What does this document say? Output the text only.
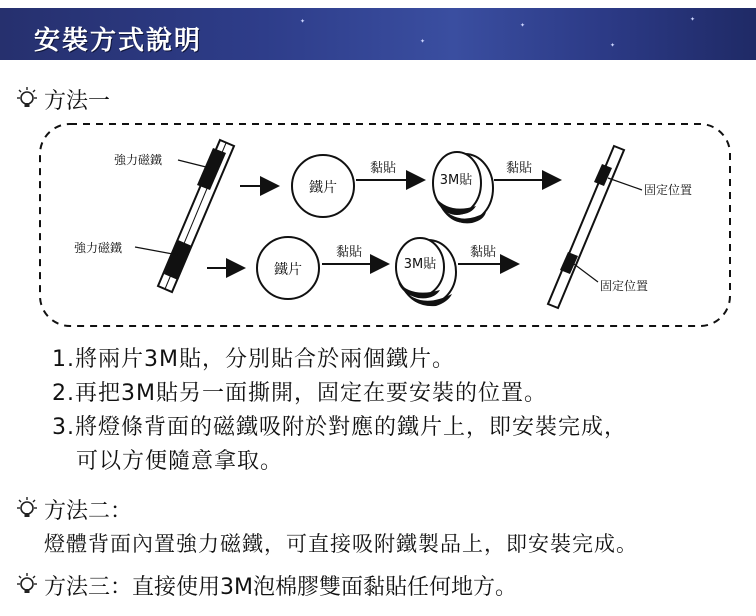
✦
✦
✦
✦
✦
安裝方式說明
方法一
強力磁鐵
強力磁鐵
鐵片
鐵片
黏貼
黏貼
3M貼
3M貼
黏貼
黏貼
固定位置
固定位置
1.將兩片3M貼，分別貼合於兩個鐵片。
2.再把3M貼另一面撕開，固定在要安裝的位置。
3.將燈條背面的磁鐵吸附於對應的鐵片上，即安裝完成，
可以方便隨意拿取。
方法二：
燈體背面內置強力磁鐵，可直接吸附鐵製品上，即安裝完成。
方法三：直接使用3M泡棉膠雙面黏貼任何地方。
